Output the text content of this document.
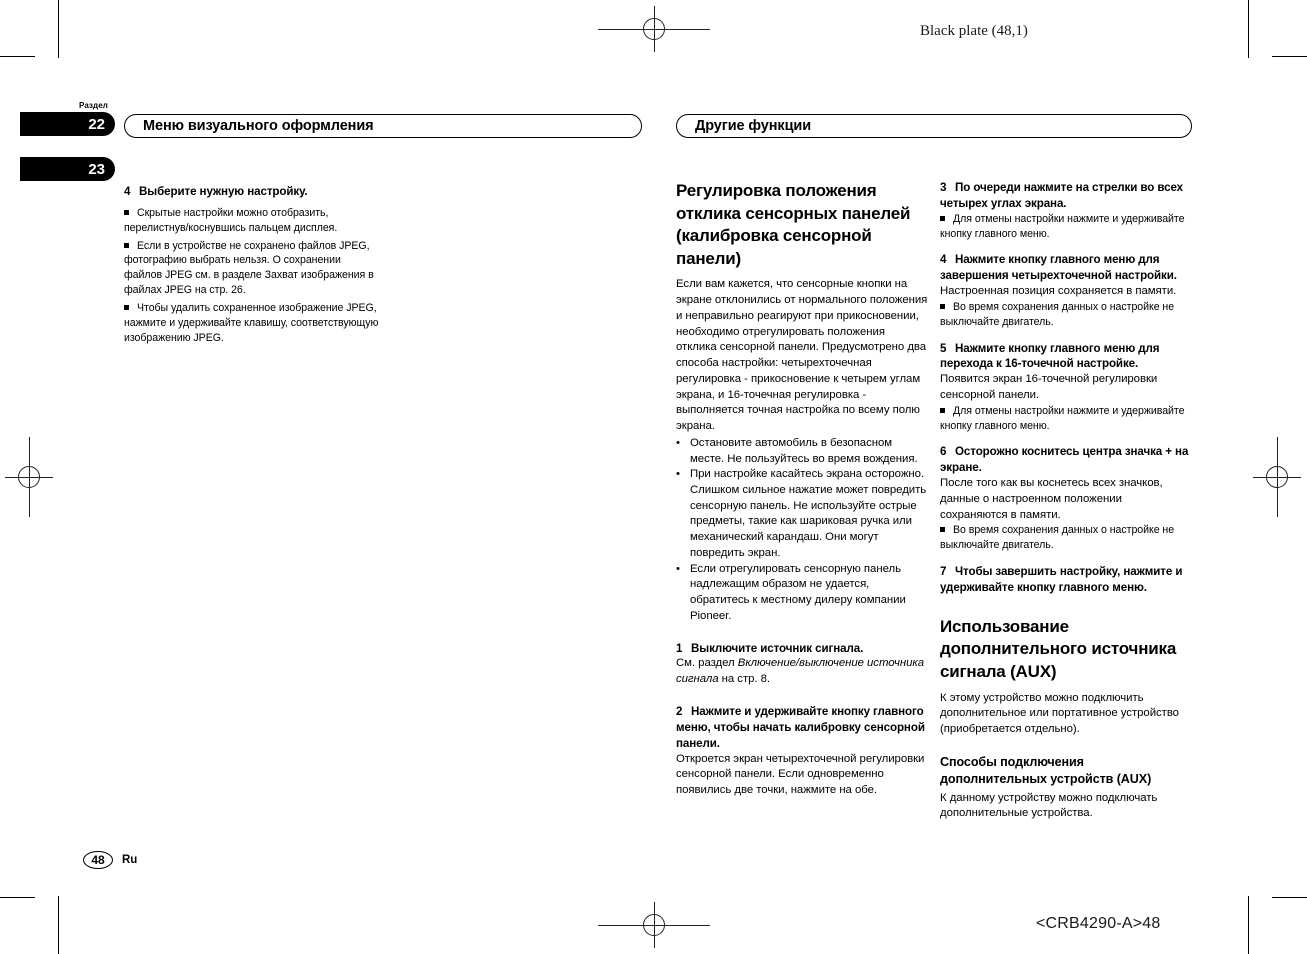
Black plate (48,1)
Раздел
22
23
Меню визуального оформления	Другие функции

4 Выберите нужную настройку.

Скрытые настройки можно отобразить, перелистнув/коснувшись пальцем дисплея.

Если в устройстве не сохранено файлов JPEG, фотографию выбрать нельзя. О сохранении файлов JPEG см. в разделе Захват изображения в файлах JPEG на стр. 26.

Чтобы удалить сохраненное изображение JPEG, нажмите и удерживайте клавишу, соответствующую изображению JPEG.

Регулировка положения отклика сенсорных панелей (калибровка сенсорной панели)

Если вам кажется, что сенсорные кнопки на экране отклонились от нормального положения и неправильно реагируют при прикосновении, необходимо отрегулировать положения отклика сенсорной панели. Предусмотрено два способа настройки: четырехточечная регулировка - прикосновение к четырем углам экрана, и 16-точечная регулировка - выполняется точная настройка по всему полю экрана.

• Остановите автомобиль в безопасном месте. Не пользуйтесь во время вождения.

• При настройке касайтесь экрана осторожно. Слишком сильное нажатие может повредить сенсорную панель. Не используйте острые предметы, такие как шариковая ручка или механический карандаш. Они могут повредить экран.

• Если отрегулировать сенсорную панель надлежащим образом не удается, обратитесь к местному дилеру компании Pioneer.

1 Выключите источник сигнала.

См. раздел Включение/выключение источника сигнала на стр. 8.

2 Нажмите и удерживайте кнопку главного меню, чтобы начать калибровку сенсорной панели.

Откроется экран четырехточечной регулировки сенсорной панели. Если одновременно появились две точки, нажмите на обе.

3 По очереди нажмите на стрелки во всех четырех углах экрана.

Для отмены настройки нажмите и удерживайте кнопку главного меню.

4 Нажмите кнопку главного меню для завершения четырехточечной настройки.

Настроенная позиция сохраняется в памяти.

Во время сохранения данных о настройке не выключайте двигатель.

5 Нажмите кнопку главного меню для перехода к 16-точечной настройке.

Появится экран 16-точечной регулировки сенсорной панели.

Для отмены настройки нажмите и удерживайте кнопку главного меню.

6 Осторожно коснитесь центра значка + на экране.

После того как вы коснетесь всех значков, данные о настроенном положении сохраняются в памяти.

Во время сохранения данных о настройке не выключайте двигатель.

7 Чтобы завершить настройку, нажмите и удерживайте кнопку главного меню.

Использование дополнительного источника сигнала (AUX)

К этому устройство можно подключить дополнительное или портативное устройство (приобретается отдельно).

Способы подключения дополнительных устройств (AUX)

К данному устройству можно подключать дополнительные устройства.

48	Ru
<CRB4290-A>48
